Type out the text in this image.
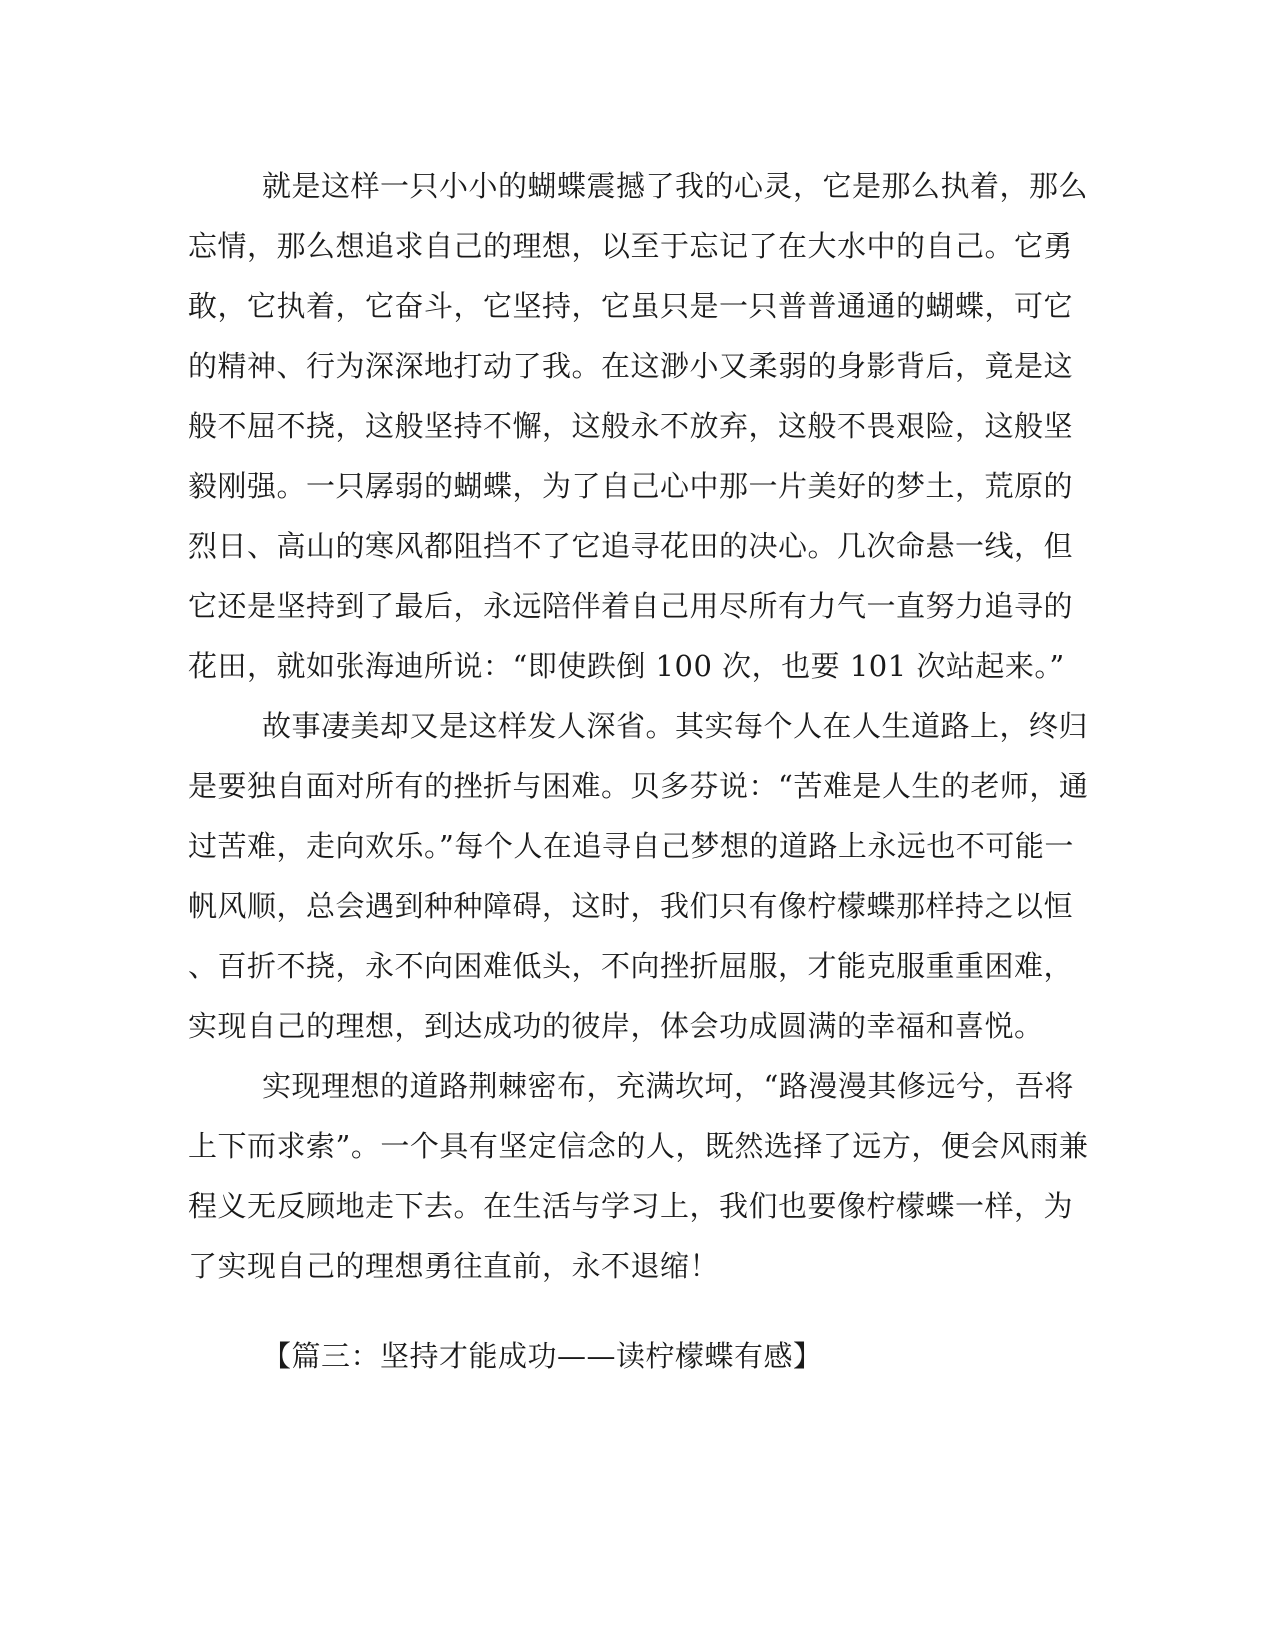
就是这样一只小小的蝴蝶震撼了我的心灵，它是那么执着，那么
忘情，那么想追求自己的理想，以至于忘记了在大水中的自己。它勇
敢，它执着，它奋斗，它坚持，它虽只是一只普普通通的蝴蝶，可它
的精神、行为深深地打动了我。在这渺小又柔弱的身影背后，竟是这
般不屈不挠，这般坚持不懈，这般永不放弃，这般不畏艰险，这般坚
毅刚强。一只孱弱的蝴蝶，为了自己心中那一片美好的梦土，荒原的
烈日、高山的寒风都阻挡不了它追寻花田的决心。几次命悬一线，但
它还是坚持到了最后，永远陪伴着自己用尽所有力气一直努力追寻的
花田，就如张海迪所说：“即使跌倒 100 次，也要 101 次站起来。”
故事凄美却又是这样发人深省。其实每个人在人生道路上，终归
是要独自面对所有的挫折与困难。贝多芬说：“苦难是人生的老师，通
过苦难，走向欢乐。”每个人在追寻自己梦想的道路上永远也不可能一
帆风顺，总会遇到种种障碍，这时，我们只有像柠檬蝶那样持之以恒
、百折不挠，永不向困难低头，不向挫折屈服，才能克服重重困难，
实现自己的理想，到达成功的彼岸，体会功成圆满的幸福和喜悦。
实现理想的道路荆棘密布，充满坎坷，“路漫漫其修远兮，吾将
上下而求索”。一个具有坚定信念的人，既然选择了远方，便会风雨兼
程义无反顾地走下去。在生活与学习上，我们也要像柠檬蝶一样，为
了实现自己的理想勇往直前，永不退缩！
【篇三：坚持才能成功——读柠檬蝶有感】
